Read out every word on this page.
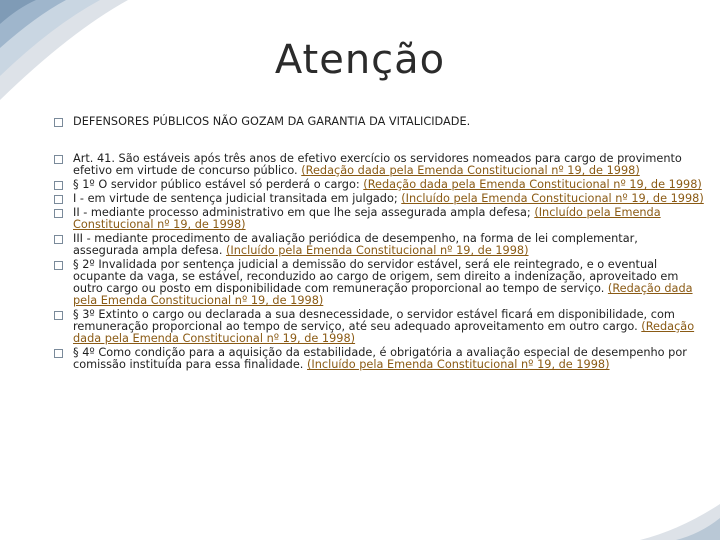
Atenção
DEFENSORES PÚBLICOS NÃO GOZAM DA GARANTIA DA VITALICIDADE.
Art. 41. São estáveis após três anos de efetivo exercício os servidores nomeados para cargo de provimento efetivo em virtude de concurso público. (Redação dada pela Emenda Constitucional nº 19, de 1998)
§ 1º O servidor público estável só perderá o cargo: (Redação dada pela Emenda Constitucional nº 19, de 1998)
I - em virtude de sentença judicial transitada em julgado; (Incluído pela Emenda Constitucional nº 19, de 1998)
II - mediante processo administrativo em que lhe seja assegurada ampla defesa; (Incluído pela Emenda Constitucional nº 19, de 1998)
III - mediante procedimento de avaliação periódica de desempenho, na forma de lei complementar, assegurada ampla defesa. (Incluído pela Emenda Constitucional nº 19, de 1998)
§ 2º Invalidada por sentença judicial a demissão do servidor estável, será ele reintegrado, e o eventual ocupante da vaga, se estável, reconduzido ao cargo de origem, sem direito a indenização, aproveitado em outro cargo ou posto em disponibilidade com remuneração proporcional ao tempo de serviço. (Redação dada pela Emenda Constitucional nº 19, de 1998)
§ 3º Extinto o cargo ou declarada a sua desnecessidade, o servidor estável ficará em disponibilidade, com remuneração proporcional ao tempo de serviço, até seu adequado aproveitamento em outro cargo. (Redação dada pela Emenda Constitucional nº 19, de 1998)
§ 4º Como condição para a aquisição da estabilidade, é obrigatória a avaliação especial de desempenho por comissão instituída para essa finalidade. (Incluído pela Emenda Constitucional nº 19, de 1998)
